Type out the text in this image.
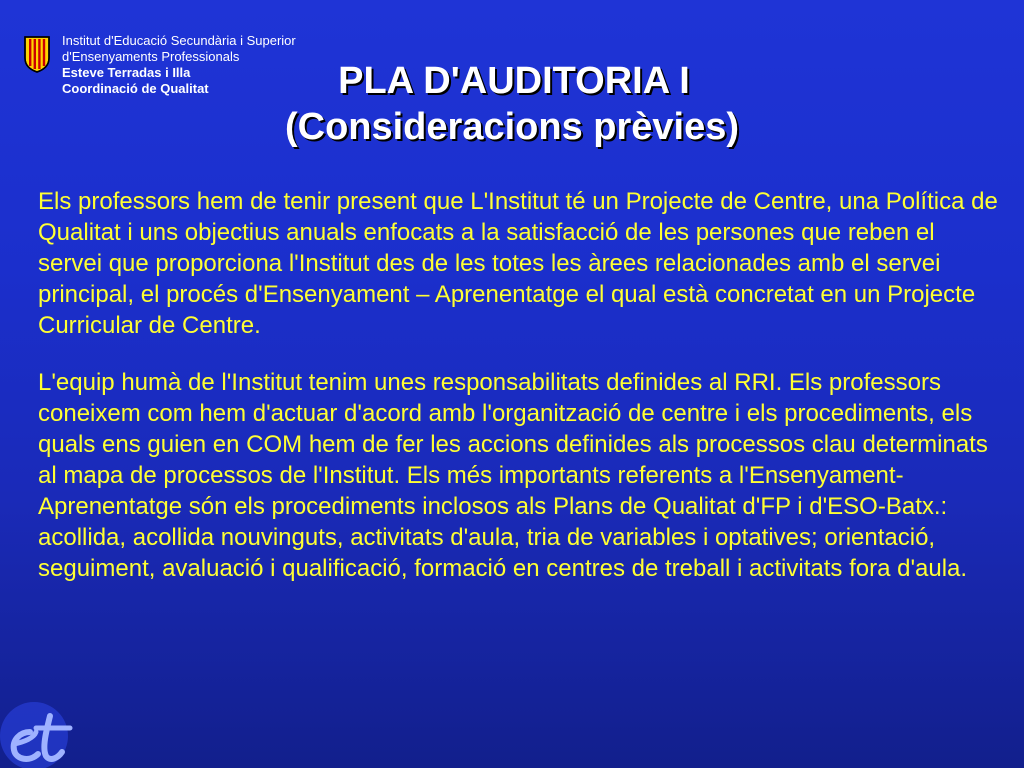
Institut d'Educació Secundària i Superior
d'Ensenyaments Professionals
Esteve Terradas i Illa
Coordinació de Qualitat	PLA D'AUDITORIA I
(Consideracions prèvies)

Els professors hem de tenir present que L'Institut té un Projecte de Centre, una Política de Qualitat i uns objectius anuals enfocats a la satisfacció de les persones que reben el servei que proporciona l'Institut des de les totes les àrees relacionades amb el servei principal, el procés d'Ensenyament – Aprenentatge el qual està concretat en un Projecte Curricular de Centre.

L'equip humà de l'Institut tenim unes responsabilitats definides al RRI. Els professors coneixem com hem d'actuar d'acord amb l'organització de centre i els procediments, els quals ens guien en COM hem de fer les accions definides als processos clau determinats al mapa de processos de l'Institut. Els més importants referents a l'Ensenyament-Aprenentatge són els procediments inclosos als Plans de Qualitat d'FP i d'ESO-Batx.: acollida, acollida nouvinguts, activitats d'aula, tria de variables i optatives; orientació, seguiment, avaluació i qualificació, formació en centres de treball i activitats fora d'aula.
